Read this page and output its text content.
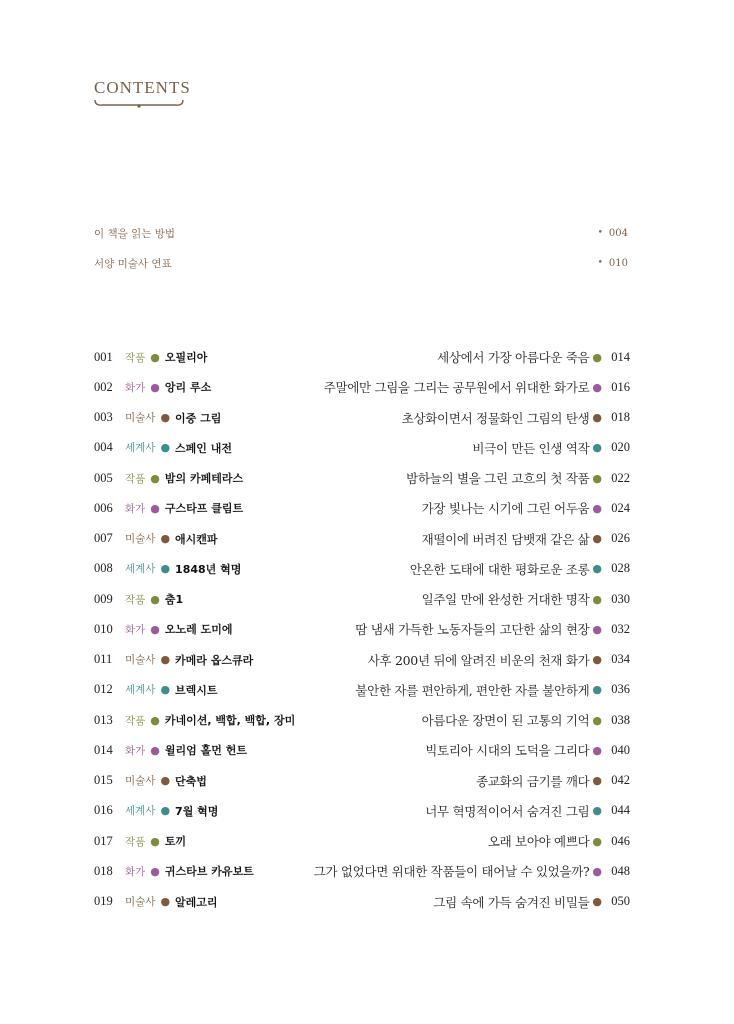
CONTENTS
이 책을 읽는 방법	• 004
서양 미술사 연표	• 010
001	작품 ● 오필리아	세상에서 가장 아름다운 죽음 ● 014
002	화가 ● 앙리 루소	주말에만 그림을 그리는 공무원에서 위대한 화가로 ● 016
003	미술사 ● 이중 그림	초상화이면서 정물화인 그림의 탄생 ● 018
004	세계사 ● 스페인 내전	비극이 만든 인생 역작 ● 020
005	작품 ● 밤의 카페테라스	밤하늘의 별을 그린 고흐의 첫 작품 ● 022
006	화가 ● 구스타프 클림트	가장 빛나는 시기에 그린 어두움 ● 024
007	미술사 ● 애시캔파	재떨이에 버려진 담뱃재 같은 삶 ● 026
008	세계사 ● 1848년 혁명	안온한 도태에 대한 평화로운 조롱 ● 028
009	작품 ● 춤1	일주일 만에 완성한 거대한 명작 ● 030
010	화가 ● 오노레 도미에	땀 냄새 가득한 노동자들의 고단한 삶의 현장 ● 032
011	미술사 ● 카메라 옵스큐라	사후 200년 뒤에 알려진 비운의 천재 화가 ● 034
012	세계사 ● 브렉시트	불안한 자를 편안하게, 편안한 자를 불안하게 ● 036
013	작품 ● 카네이션, 백합, 백합, 장미	아름다운 장면이 된 고통의 기억 ● 038
014	화가 ● 윌리엄 홀먼 헌트	빅토리아 시대의 도덕을 그리다 ● 040
015	미술사 ● 단축법	종교화의 금기를 깨다 ● 042
016	세계사 ● 7월 혁명	너무 혁명적이어서 숨겨진 그림 ● 044
017	작품 ● 토끼	오래 보아야 예쁘다 ● 046
018	화가 ● 귀스타브 카유보트	그가 없었다면 위대한 작품들이 태어날 수 있었을까? ● 048
019	미술사 ● 알레고리	그림 속에 가득 숨겨진 비밀들 ● 050
